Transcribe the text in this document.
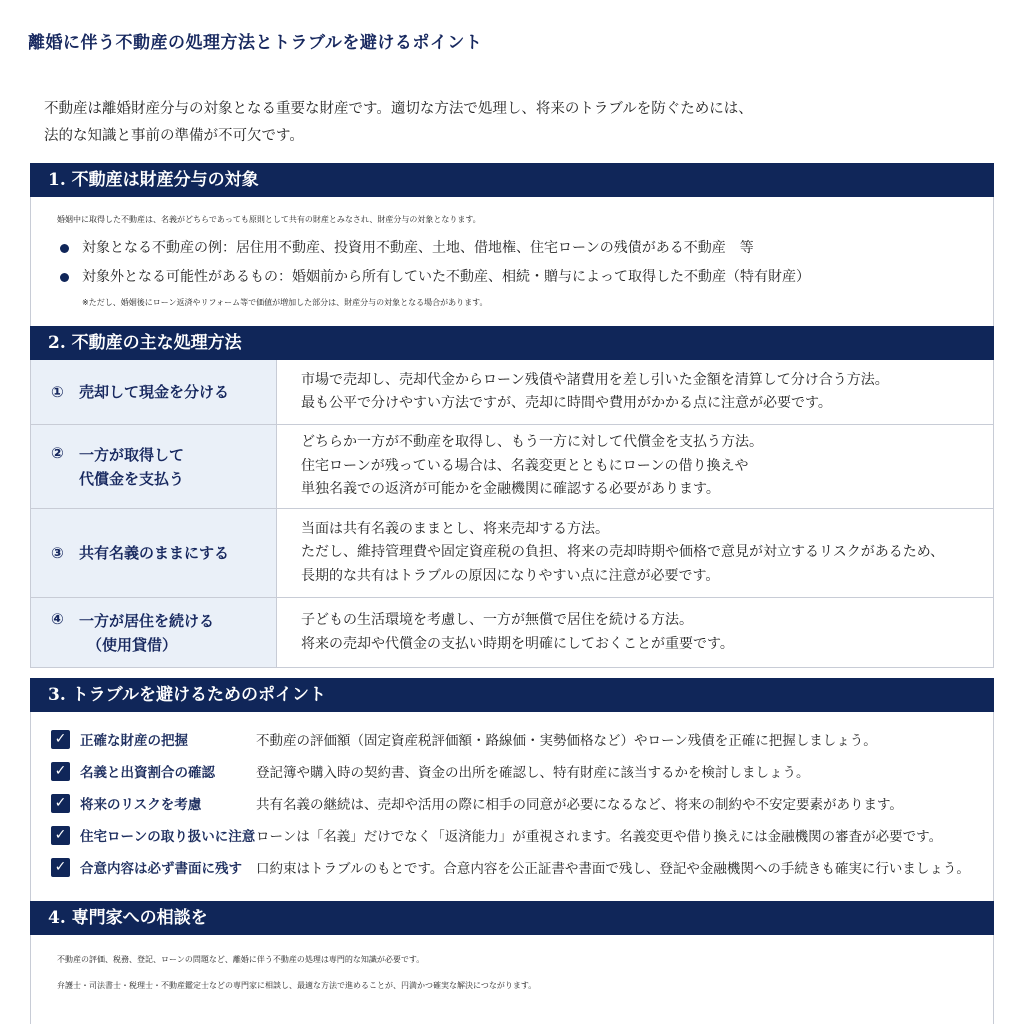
離婚に伴う不動産の処理方法とトラブルを避けるポイント
不動産は離婚財産分与の対象となる重要な財産です。適切な方法で処理し、将来のトラブルを防ぐためには、
法的な知識と事前の準備が不可欠です。
1. 不動産は財産分与の対象
婚姻中に取得した不動産は、名義がどちらであっても原則として共有の財産とみなされ、財産分与の対象となります。
対象となる不動産の例：居住用不動産、投資用不動産、土地、借地権、住宅ローンの残債がある不動産　等
対象外となる可能性があるもの：婚姻前から所有していた不動産、相続・贈与によって取得した不動産（特有財産）
※ただし、婚姻後にローン返済やリフォーム等で価値が増加した部分は、財産分与の対象となる場合があります。
2. 不動産の主な処理方法
①	売却して現金を分ける
市場で売却し、売却代金からローン残債や諸費用を差し引いた金額を清算して分け合う方法。
最も公平で分けやすい方法ですが、売却に時間や費用がかかる点に注意が必要です。
②	一方が取得して
代償金を支払う
どちらか一方が不動産を取得し、もう一方に対して代償金を支払う方法。
住宅ローンが残っている場合は、名義変更とともにローンの借り換えや
単独名義での返済が可能かを金融機関に確認する必要があります。
③	共有名義のままにする
当面は共有名義のままとし、将来売却する方法。
ただし、維持管理費や固定資産税の負担、将来の売却時期や価格で意見が対立するリスクがあるため、
長期的な共有はトラブルの原因になりやすい点に注意が必要です。
④	一方が居住を続ける
（使用貸借）
子どもの生活環境を考慮し、一方が無償で居住を続ける方法。
将来の売却や代償金の支払い時期を明確にしておくことが重要です。
3. トラブルを避けるためのポイント
✓	正確な財産の把握	不動産の評価額（固定資産税評価額・路線価・実勢価格など）やローン残債を正確に把握しましょう。
✓	名義と出資割合の確認	登記簿や購入時の契約書、資金の出所を確認し、特有財産に該当するかを検討しましょう。
✓	将来のリスクを考慮	共有名義の継続は、売却や活用の際に相手の同意が必要になるなど、将来の制約や不安定要素があります。
✓	住宅ローンの取り扱いに注意 ローンは「名義」だけでなく「返済能力」が重視されます。名義変更や借り換えには金融機関の審査が必要です。
✓	合意内容は必ず書面に残す	口約束はトラブルのもとです。合意内容を公正証書や書面で残し、登記や金融機関への手続きも確実に行いましょう。
4. 専門家への相談を
不動産の評価、税務、登記、ローンの問題など、離婚に伴う不動産の処理は専門的な知識が必要です。
弁護士・司法書士・税理士・不動産鑑定士などの専門家に相談し、最適な方法で進めることが、円満かつ確実な解決につながります。
